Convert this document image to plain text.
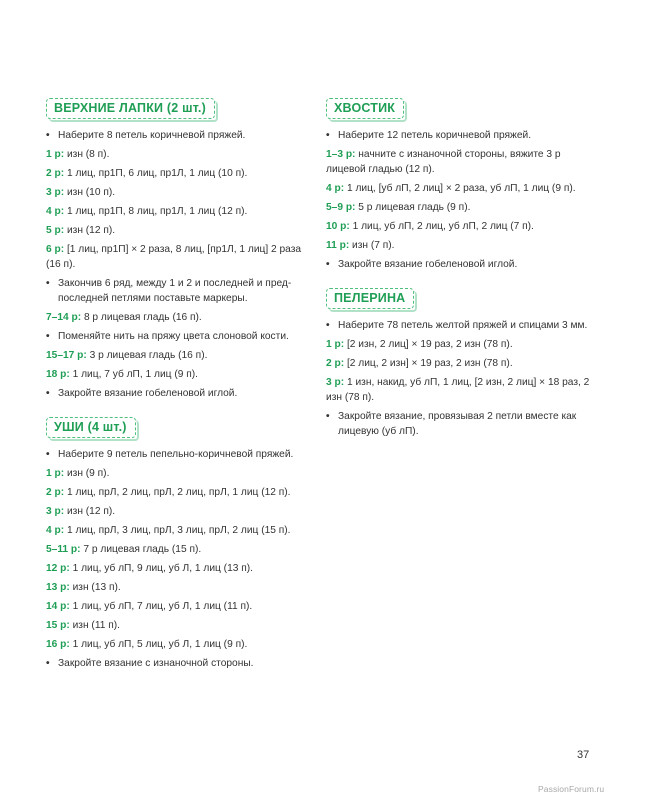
ВЕРХНИЕ ЛАПКИ (2 шт.)
• Наберите 8 петель коричневой пряжей.
1 р: изн (8 п).
2 р: 1 лиц, пр1П, 6 лиц, пр1Л, 1 лиц (10 п).
3 р: изн (10 п).
4 р: 1 лиц, пр1П, 8 лиц, пр1Л, 1 лиц (12 п).
5 р: изн (12 п).
6 р: [1 лиц, пр1П] × 2 раза, 8 лиц, [пр1Л, 1 лиц] 2 раза (16 п).
• Закончив 6 ряд, между 1 и 2 и последней и пред-последней петлями поставьте маркеры.
7–14 р: 8 р лицевая гладь (16 п).
• Поменяйте нить на пряжу цвета слоновой кости.
15–17 р: 3 р лицевая гладь (16 п).
18 р: 1 лиц, 7 уб лП, 1 лиц (9 п).
• Закройте вязание гобеленовой иглой.
УШИ (4 шт.)
• Наберите 9 петель пепельно-коричневой пряжей.
1 р: изн (9 п).
2 р: 1 лиц, прЛ, 2 лиц, прЛ, 2 лиц, прЛ, 1 лиц (12 п).
3 р: изн (12 п).
4 р: 1 лиц, прЛ, 3 лиц, прЛ, 3 лиц, прЛ, 2 лиц (15 п).
5–11 р: 7 р лицевая гладь (15 п).
12 р: 1 лиц, уб лП, 9 лиц, уб Л, 1 лиц (13 п).
13 р: изн (13 п).
14 р: 1 лиц, уб лП, 7 лиц, уб Л, 1 лиц (11 п).
15 р: изн (11 п).
16 р: 1 лиц, уб лП, 5 лиц, уб Л, 1 лиц (9 п).
• Закройте вязание с изнаночной стороны.
ХВОСТИК
• Наберите 12 петель коричневой пряжей.
1–3 р: начните с изнаночной стороны, вяжите 3 р лицевой гладью (12 п).
4 р: 1 лиц, [уб лП, 2 лиц] × 2 раза, уб лП, 1 лиц (9 п).
5–9 р: 5 р лицевая гладь (9 п).
10 р: 1 лиц, уб лП, 2 лиц, уб лП, 2 лиц (7 п).
11 р: изн (7 п).
• Закройте вязание гобеленовой иглой.
ПЕЛЕРИНА
• Наберите 78 петель желтой пряжей и спицами 3 мм.
1 р: [2 изн, 2 лиц] × 19 раз, 2 изн (78 п).
2 р: [2 лиц, 2 изн] × 19 раз, 2 изн (78 п).
3 р: 1 изн, накид, уб лП, 1 лиц, [2 изн, 2 лиц] × 18 раз, 2 изн (78 п).
• Закройте вязание, провязывая 2 петли вместе как лицевую (уб лП).
37
PassionForum.ru
